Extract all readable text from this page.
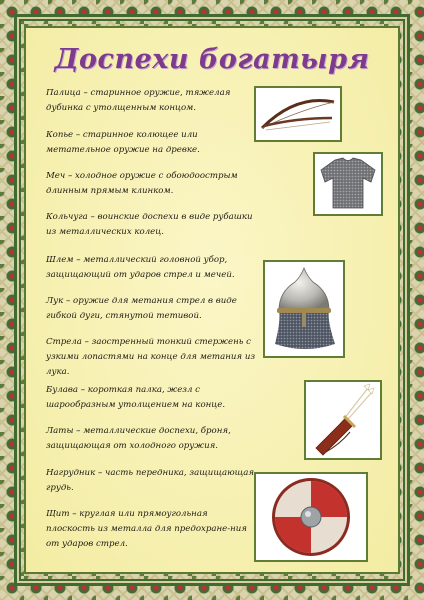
Доспехи богатыря
Палица – старинное оружие, тяжелая дубинка с утолщенным концом.
Копье – старинное колющее или метательное оружие на древке.
Меч – холодное оружие с обоюдоострым длинным прямым клинком.
Кольчуга – воинские доспехи в виде рубашки из металлических колец.
Шлем – металлический головной убор, защищающий от ударов стрел и мечей.
Лук – оружие для метания стрел в виде гибкой дуги, стянутой тетивой.
Стрела – заостренный тонкий стержень с узкими лопастями на конце для метания из лука.
Булава – короткая палка, жезл с шарообразным утолщением на конце.
Латы – металлические доспехи, броня, защищающая от холодного оружия.
Нагрудник – часть передника, защищающая грудь.
Щит – круглая или прямоугольная плоскость из металла для предохране-ния от ударов стрел.
